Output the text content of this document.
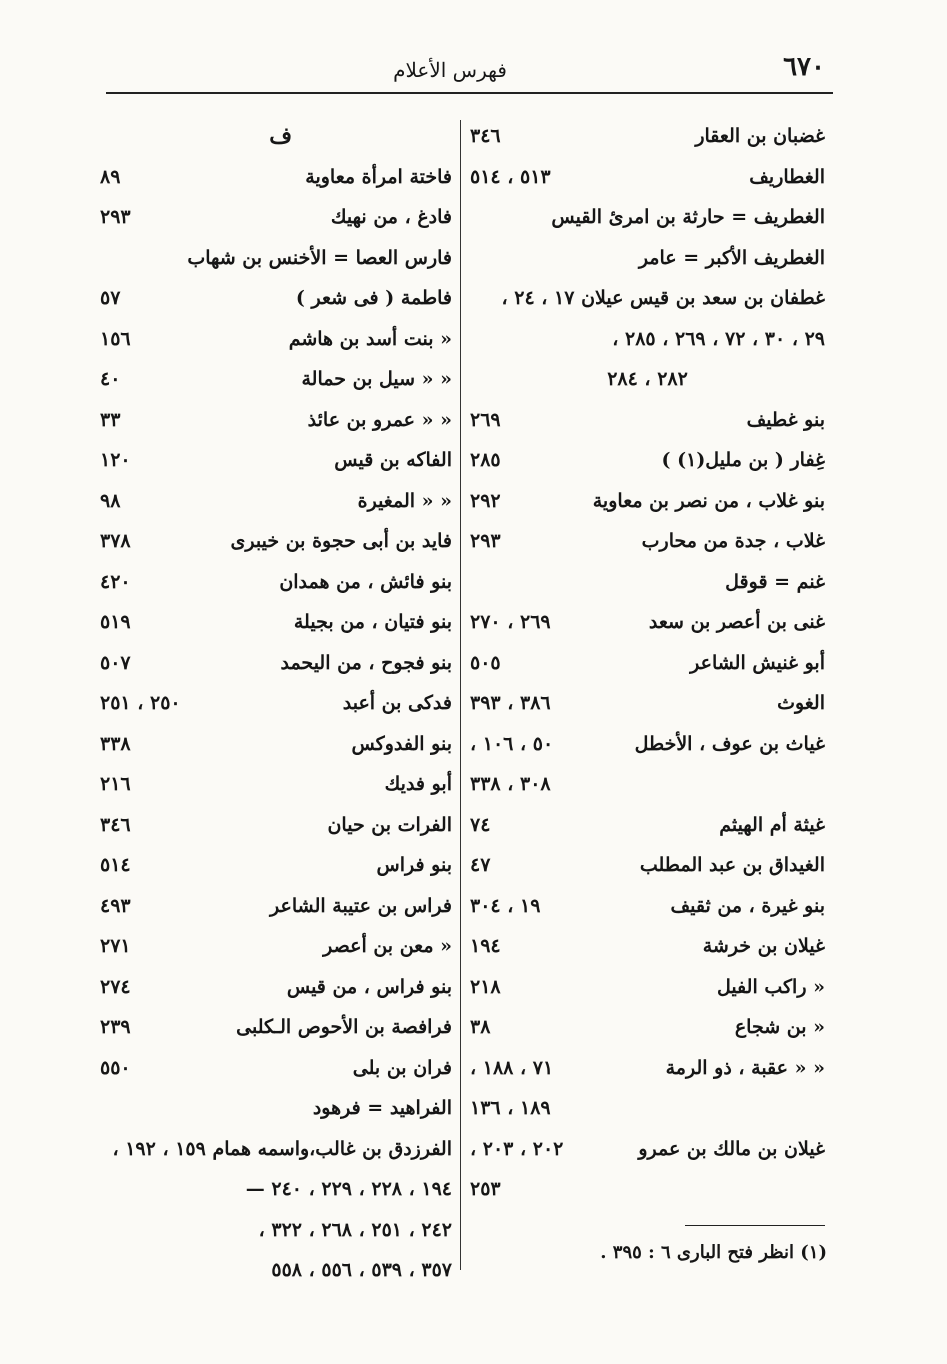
٦٧٠
فهرس الأعلام
غضبان بن العقار
٣٤٦
الغطاريف
٥١٣ ، ٥١٤
الغطريف = حارثة بن امرئ القيس
الغطريف الأكبر = عامر
غطفان بن سعد بن قيس عيلان ١٧ ، ٢٤ ،
٢٩ ، ٣٠ ، ٧٢ ، ٢٦٩ ، ٢٨٥ ،
٢٨٢ ، ٢٨٤
بنو غطيف
٢٦٩
غِفار ( بن مليل(١) )
٢٨٥
بنو غلاب ، من نصر بن معاوية
٢٩٢
غلاب ، جدة من محارب
٢٩٣
غنم = قوقل
غنى بن أعصر بن سعد
٢٦٩ ، ٢٧٠
أبو غنيش الشاعر
٥٠٥
الغوث
٣٨٦ ، ٣٩٣
غياث بن عوف ، الأخطل
٥٠ ، ١٠٦ ،
٣٠٨ ، ٣٣٨
غيثة أم الهيثم
٧٤
الغيداق بن عبد المطلب
٤٧
بنو غيرة ، من ثقيف
١٩ ، ٣٠٤
غيلان بن خرشة
١٩٤
« راكب الفيل
٢١٨
« بن شجاع
٣٨
« « عقبة ، ذو الرمة
٧١ ، ١٨٨ ،
١٨٩ ، ١٣٦
غيلان بن مالك بن عمرو
٢٠٢ ، ٢٠٣ ،
٢٥٣
ف
فاختة امرأة معاوية
٨٩
فادغ ، من نهيك
٢٩٣
فارس العصا = الأخنس بن شهاب
فاطمة ( فى شعر )
٥٧
« بنت أسد بن هاشم
١٥٦
« « سيل بن حمالة
٤٠
« « عمرو بن عائذ
٣٣
الفاكه بن قيس
١٢٠
« « المغيرة
٩٨
فايد بن أبى حجوة بن خيبرى
٣٧٨
بنو فائش ، من همدان
٤٢٠
بنو فتيان ، من بجيلة
٥١٩
بنو فجوح ، من اليحمد
٥٠٧
فدكى بن أعبد
٢٥٠ ، ٢٥١
بنو الفدوكس
٣٣٨
أبو فديك
٢١٦
الفرات بن حيان
٣٤٦
بنو فراس
٥١٤
فراس بن عتيبة الشاعر
٤٩٣
« معن بن أعصر
٢٧١
بنو فراس ، من قيس
٢٧٤
فرافصة بن الأحوص الـكلبى
٢٣٩
فران بن بلى
٥٥٠
الفراهيد = فرهود
الفرزدق بن غالب،واسمه همام ١٥٩ ، ١٩٢ ،
١٩٤ ، ٢٢٨ ، ٢٢٩ ، ٢٤٠ —
٢٤٢ ، ٢٥١ ، ٢٦٨ ، ٣٢٢ ،
٣٥٧ ، ٥٣٩ ، ٥٥٦ ، ٥٥٨
(١) انظر فتح البارى ٦ : ٣٩٥ .
